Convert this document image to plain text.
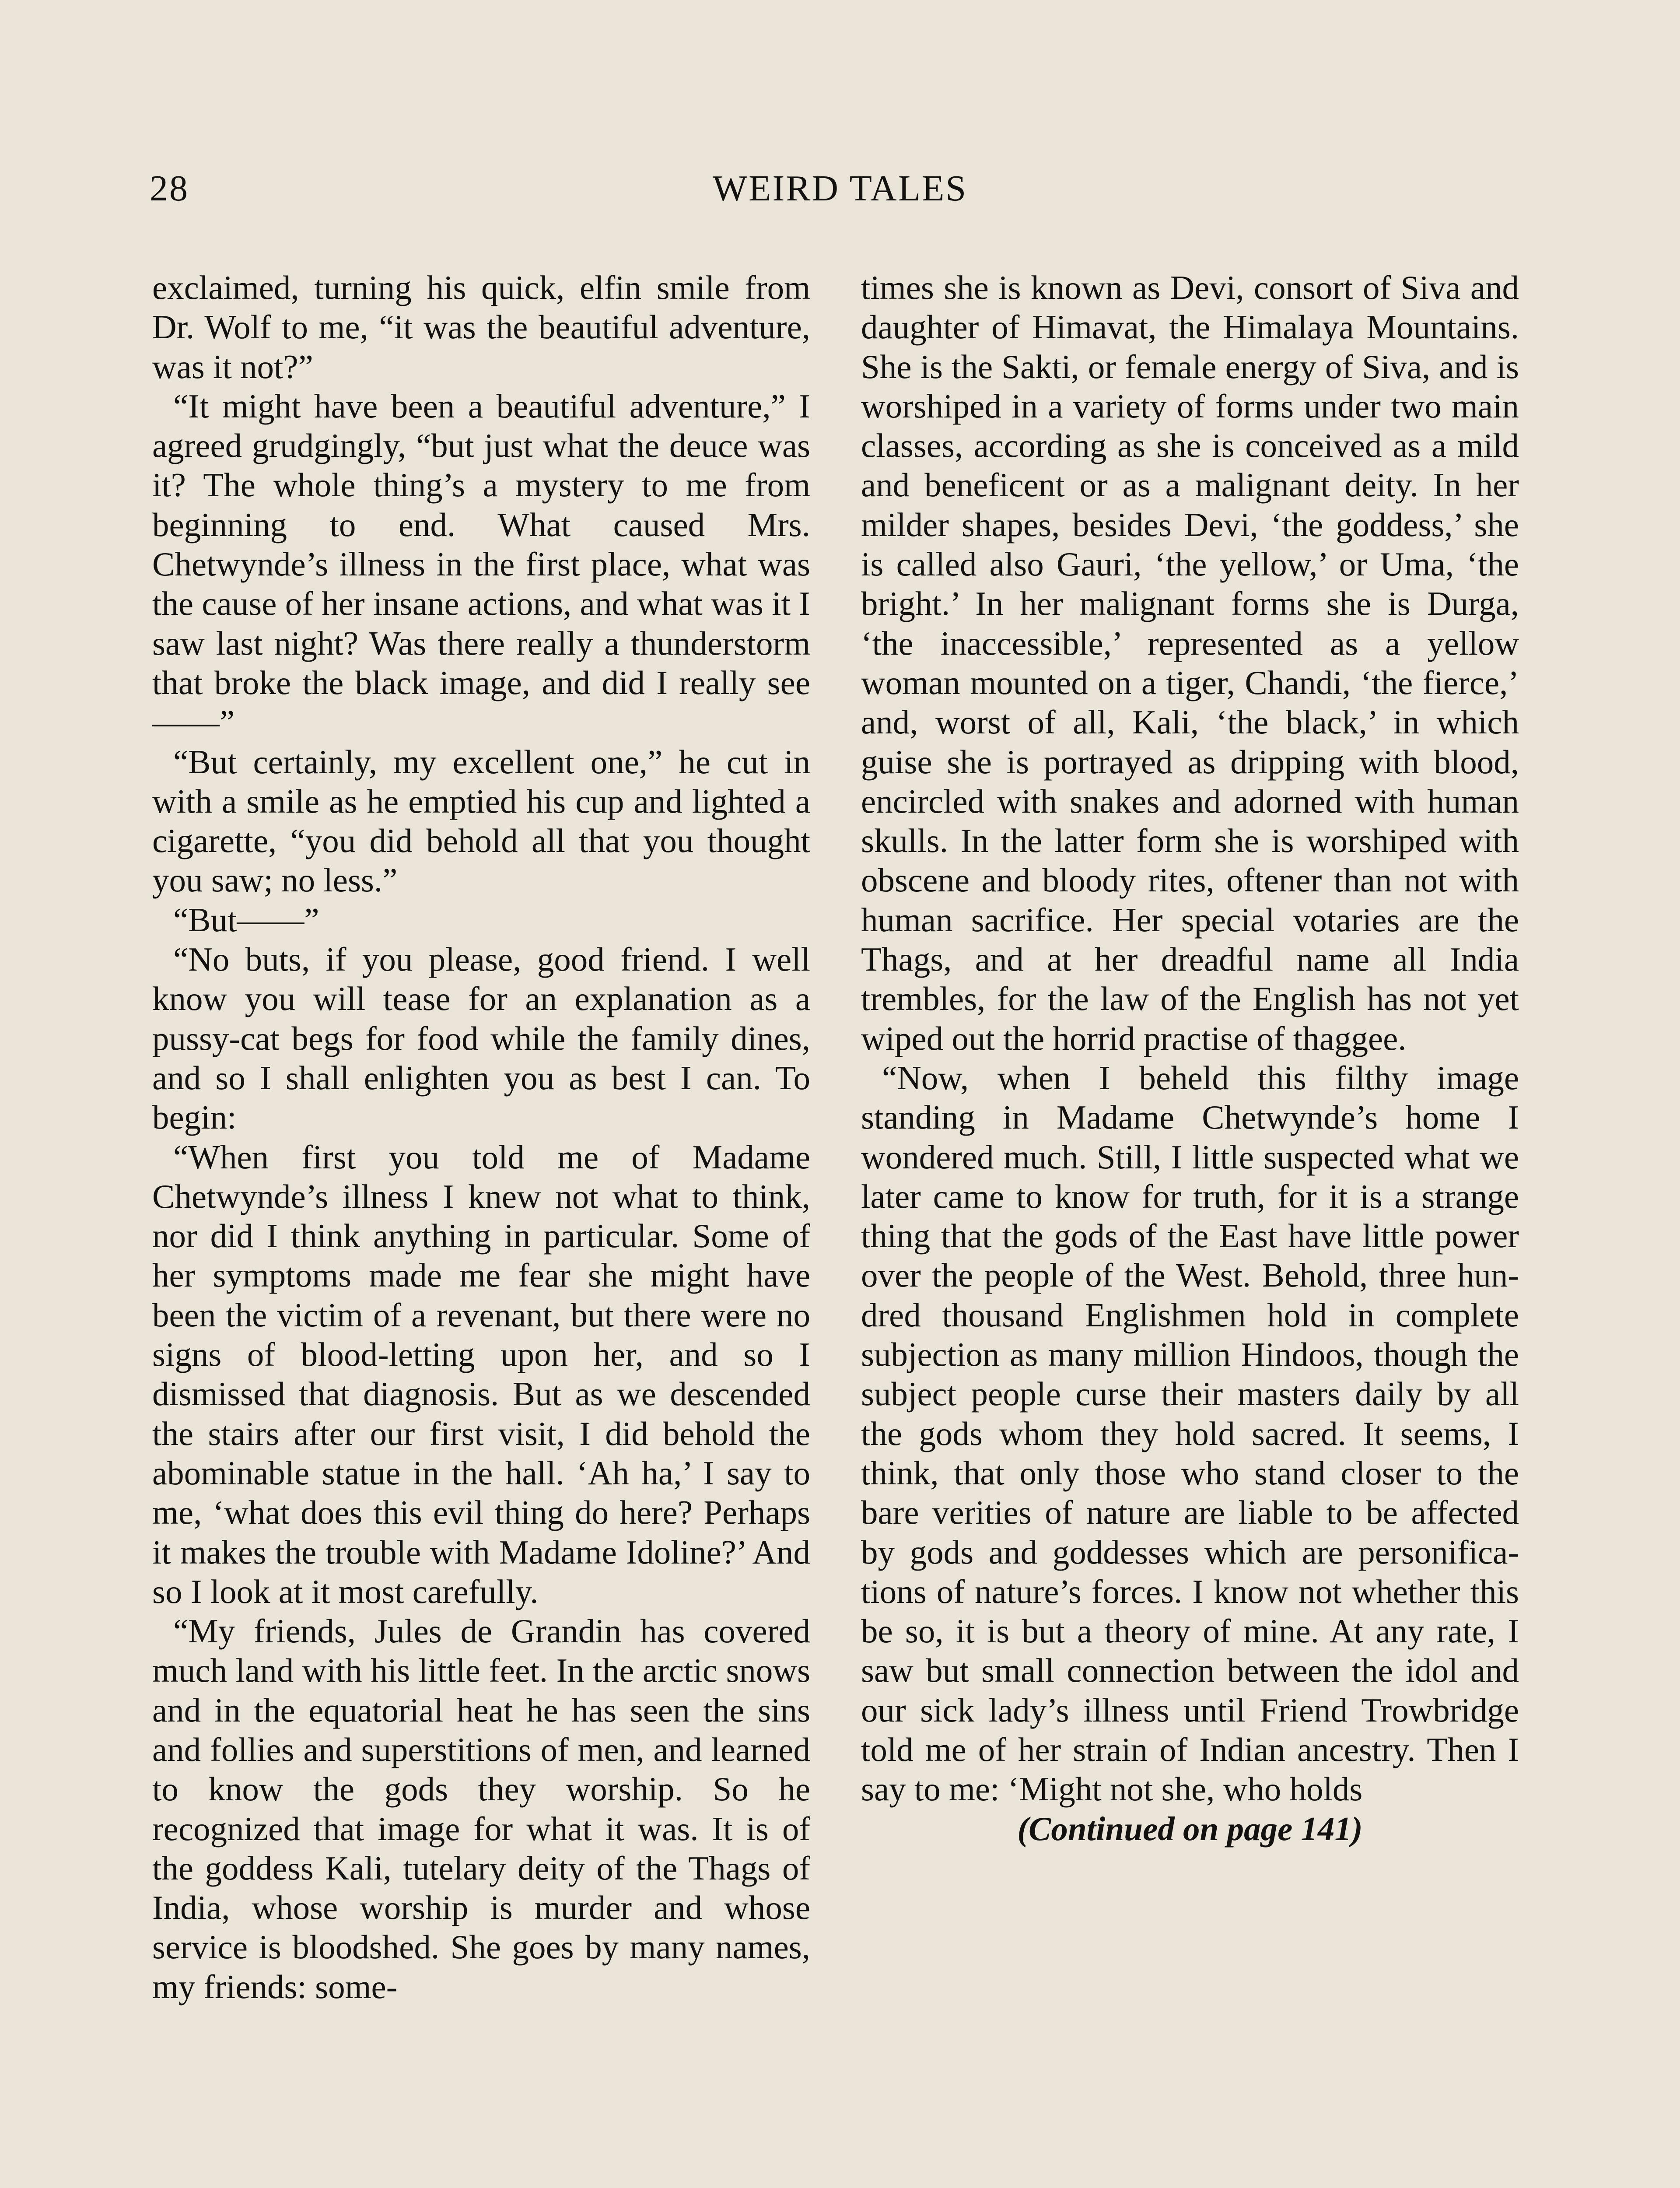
28	WEIRD TALES

exclaimed, turning his quick, elfin smile from Dr. Wolf to me, “it was the beautiful adventure, was it not?”

“It might have been a beautiful adventure,” I agreed grudgingly, “but just what the deuce was it? The whole thing’s a mystery to me from beginning to end. What caused Mrs. Chetwynde’s illness in the first place, what was the cause of her insane actions, and what was it I saw last night? Was there really a thunderstorm that broke the black image, and did I really see——”

“But certainly, my excellent one,” he cut in with a smile as he emptied his cup and lighted a cigarette, “you did behold all that you thought you saw; no less.”

“But——”

“No buts, if you please, good friend. I well know you will tease for an explanation as a pussy-cat begs for food while the family dines, and so I shall enlighten you as best I can. To begin:

“When first you told me of Madame Chetwynde’s illness I knew not what to think, nor did I think anything in particular. Some of her symptoms made me fear she might have been the victim of a revenant, but there were no signs of blood-letting upon her, and so I dismissed that diagnosis. But as we descended the stairs after our first visit, I did behold the abominable statue in the hall. ‘Ah ha,’ I say to me, ‘what does this evil thing do here? Perhaps it makes the trouble with Madame Idoline?’ And so I look at it most carefully.

“My friends, Jules de Grandin has covered much land with his little feet. In the arctic snows and in the equatorial heat he has seen the sins and follies and superstitions of men, and learned to know the gods they worship. So he recognized that image for what it was. It is of the goddess Kali, tutelary deity of the Thags of India, whose worship is murder and whose service is bloodshed. She goes by many names, my friends: some-

times she is known as Devi, consort of Siva and daughter of Himavat, the Himalaya Mountains. She is the Sakti, or female energy of Siva, and is worshiped in a variety of forms under two main classes, according as she is conceived as a mild and beneficent or as a malignant deity. In her milder shapes, besides Devi, ‘the goddess,’ she is called also Gauri, ‘the yellow,’ or Uma, ‘the bright.’ In her malignant forms she is Durga, ‘the inaccessible,’ represented as a yellow woman mounted on a tiger, Chandi, ‘the fierce,’ and, worst of all, Kali, ‘the black,’ in which guise she is portrayed as dripping with blood, encircled with snakes and adorned with human skulls. In the latter form she is worshiped with obscene and bloody rites, oftener than not with human sacrifice. Her special votaries are the Thags, and at her dreadful name all India trembles, for the law of the English has not yet wiped out the horrid practise of thaggee.

“Now, when I beheld this filthy image standing in Madame Chetwynde’s home I wondered much. Still, I little suspected what we later came to know for truth, for it is a strange thing that the gods of the East have little power over the people of the West. Behold, three hundred thousand Englishmen hold in complete subjection as many million Hindoos, though the subject people curse their masters daily by all the gods whom they hold sacred. It seems, I think, that only those who stand closer to the bare verities of nature are liable to be affected by gods and goddesses which are personifications of nature’s forces. I know not whether this be so, it is but a theory of mine. At any rate, I saw but small connection between the idol and our sick lady’s illness until Friend Trowbridge told me of her strain of Indian ancestry. Then I say to me: ‘Might not she, who holds

(Continued on page 141)
